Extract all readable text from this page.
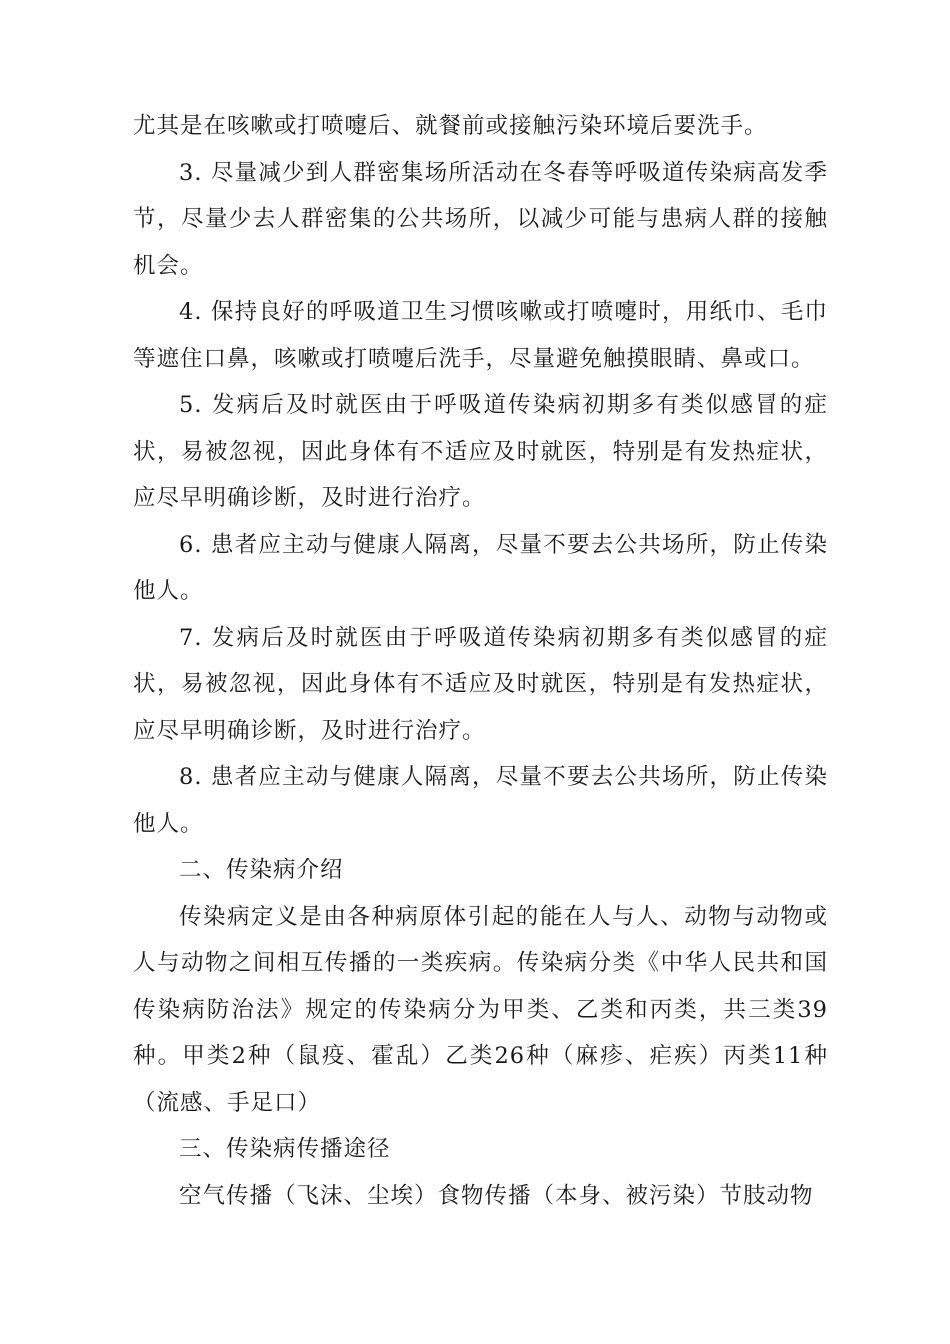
尤其是在咳嗽或打喷嚏后、就餐前或接触污染环境后要洗手。

3. 尽量减少到人群密集场所活动在冬春等呼吸道传染病高发季节，尽量少去人群密集的公共场所，以减少可能与患病人群的接触机会。

4. 保持良好的呼吸道卫生习惯咳嗽或打喷嚏时，用纸巾、毛巾等遮住口鼻，咳嗽或打喷嚏后洗手，尽量避免触摸眼睛、鼻或口。

5. 发病后及时就医由于呼吸道传染病初期多有类似感冒的症状，易被忽视，因此身体有不适应及时就医，特别是有发热症状，应尽早明确诊断，及时进行治疗。

6. 患者应主动与健康人隔离，尽量不要去公共场所，防止传染他人。

7. 发病后及时就医由于呼吸道传染病初期多有类似感冒的症状，易被忽视，因此身体有不适应及时就医，特别是有发热症状，应尽早明确诊断，及时进行治疗。

8. 患者应主动与健康人隔离，尽量不要去公共场所，防止传染他人。

二、传染病介绍

传染病定义是由各种病原体引起的能在人与人、动物与动物或人与动物之间相互传播的一类疾病。传染病分类《中华人民共和国传染病防治法》规定的传染病分为甲类、乙类和丙类，共三类39种。甲类2种（鼠疫、霍乱）乙类26种（麻疹、疟疾）丙类11种（流感、手足口）

三、传染病传播途径

空气传播（飞沫、尘埃）食物传播（本身、被污染）节肢动物
